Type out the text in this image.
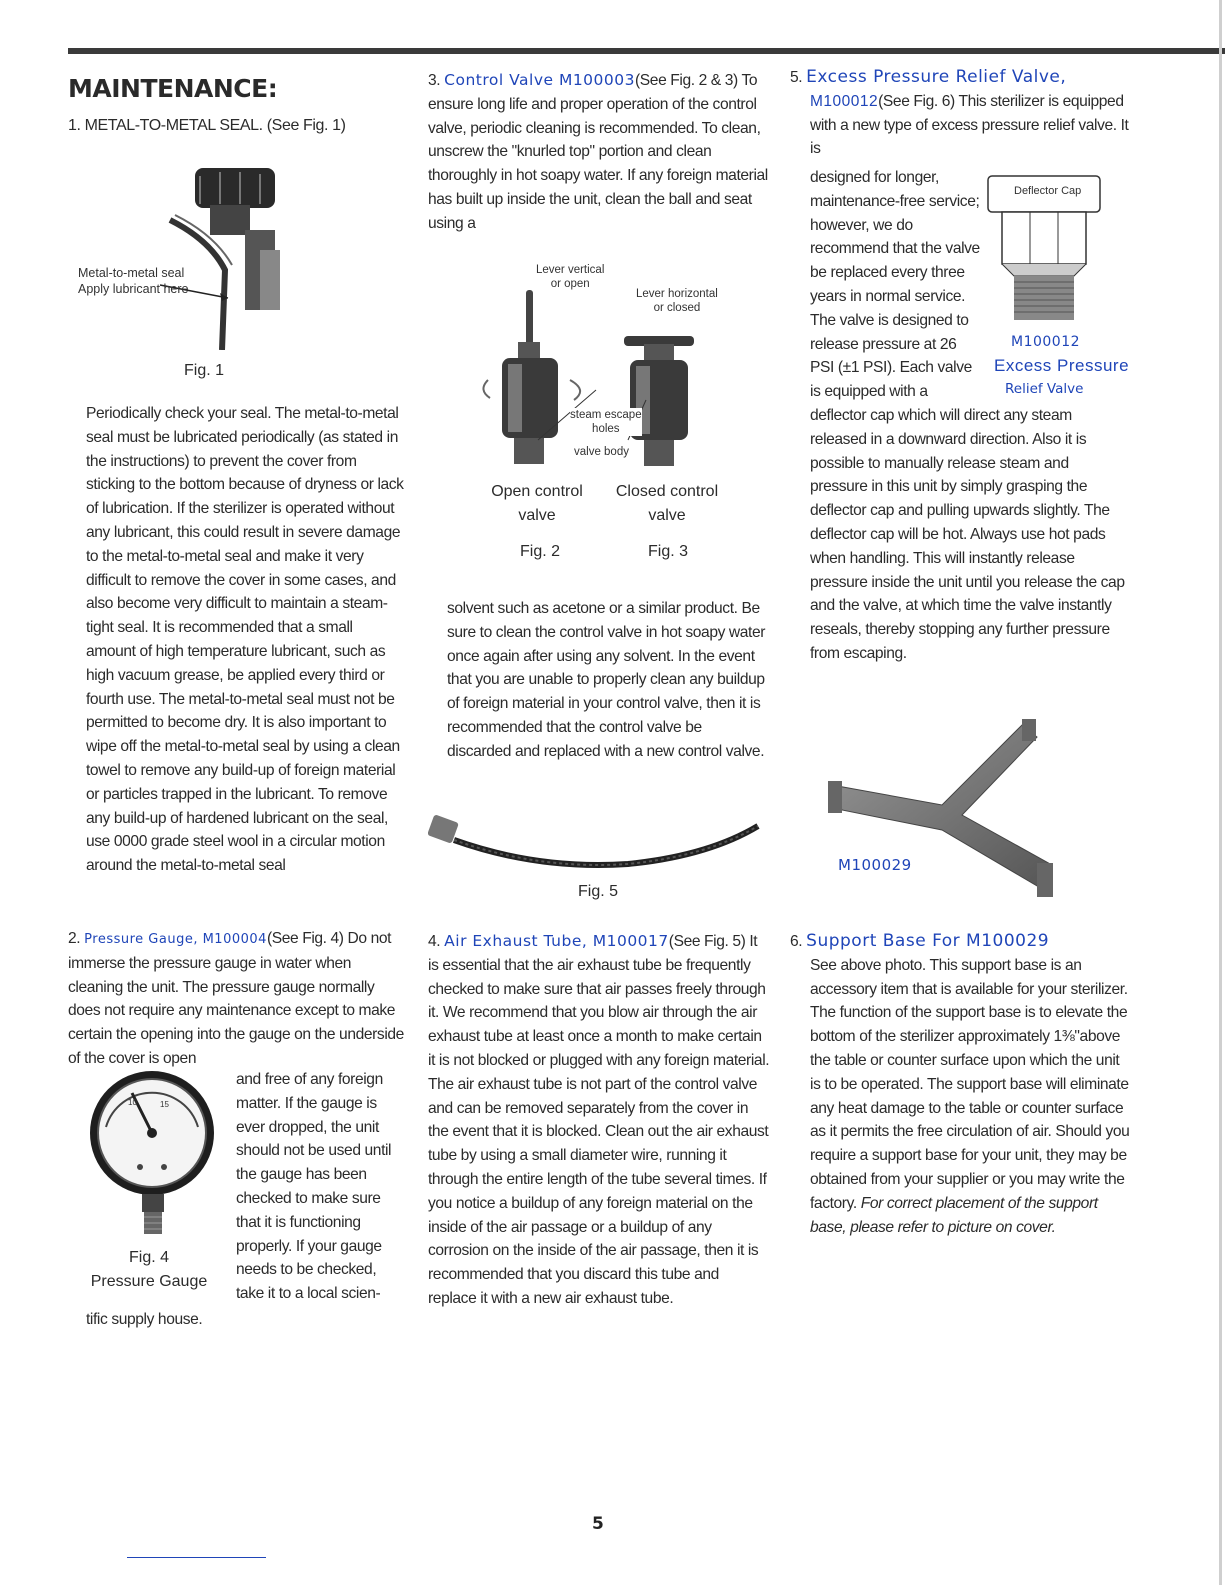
MAINTENANCE:
1. METAL-TO-METAL SEAL. (See Fig. 1)
Metal-to-metal seal
Apply lubricant here
Fig. 1
Periodically check your seal. The metal-to-metal seal must be lubricated periodically (as stated in the instructions) to prevent the cover from sticking to the bottom because of dryness or lack of lubrication. If the sterilizer is operated without any lubricant, this could result in severe damage to the metal-to-metal seal and make it very difficult to remove the cover in some cases, and also become very difficult to maintain a steam-tight seal. It is recommended that a small amount of high temperature lubricant, such as high vacuum grease, be applied every third or fourth use. The metal-to-metal seal must not be permitted to become dry. It is also important to wipe off the metal-to-metal seal by using a clean towel to remove any build-up of foreign material or particles trapped in the lubricant. To remove any build-up of hardened lubricant on the seal, use 0000 grade steel wool in a circular motion around the metal-to-metal seal

2. Pressure Gauge, M100004(See Fig. 4) Do not immerse the pressure gauge in water when cleaning the unit. The pressure gauge normally does not require any maintenance except to make certain the opening into the gauge on the underside of the cover is open

10	15
and free of any foreign matter. If the gauge is ever dropped, the unit should not be used until the gauge has been checked to make sure that it is functioning properly. If your gauge needs to be checked, take it to a local scien-
Fig. 4
Pressure Gauge
tific supply house.

3. Control Valve M100003(See Fig. 2 & 3) To ensure long life and proper operation of the control valve, periodic cleaning is recommended. To clean, unscrew the "knurled top" portion and clean thoroughly in hot soapy water. If any foreign material has built up inside the unit, clean the ball and seat using a

Lever vertical
or open
Lever horizontal
or closed
steam escape
holes
valve body
Open control
valve
Closed control
valve
Fig. 2	Fig. 3
solvent such as acetone or a similar product. Be sure to clean the control valve in hot soapy water once again after using any solvent. In the event that you are unable to properly clean any buildup of foreign material in your control valve, then it is recommended that the control valve be discarded and replaced with a new control valve.
Fig. 5

4. Air Exhaust Tube, M100017(See Fig. 5) It is essential that the air exhaust tube be frequently checked to make sure that air passes freely through it. We recommend that you blow air through the air exhaust tube at least once a month to make certain it is not blocked or plugged with any foreign material. The air exhaust tube is not part of the control valve and can be removed separately from the cover in the event that it is blocked. Clean out the air exhaust tube by using a small diameter wire, running it through the entire length of the tube several times. If you notice a buildup of any foreign material on the inside of the air passage or a buildup of any corrosion on the inside of the air passage, then it is recommended that you discard this tube and replace it with a new air exhaust tube.

5. Excess Pressure Relief Valve,

M100012(See Fig. 6) This sterilizer is equipped with a new type of excess pressure relief valve. It is

designed for longer, maintenance-free service; however, we do recommend that the valve be replaced every three years in normal service. The valve is designed to release pressure at 26 PSI (±1 PSI). Each valve is equipped with a
Deflector Cap
M100012
Excess Pressure
Relief Valve
deflector cap which will direct any steam released in a downward direction. Also it is possible to manually release steam and pressure in this unit by simply grasping the deflector cap and pulling upwards slightly. The deflector cap will be hot. Always use hot pads when handling. This will instantly release pressure inside the unit until you release the cap and the valve, at which time the valve instantly reseals, thereby stopping any further pressure from escaping.
M100029

6. Support Base For M100029

See above photo. This support base is an accessory item that is available for your sterilizer. The function of the support base is to elevate the bottom of the sterilizer approximately 1⅜"above the table or counter surface upon which the unit is to be operated. The support base will eliminate any heat damage to the table or counter surface as it permits the free circulation of air. Should you require a support base for your unit, they may be obtained from your supplier or you may write the factory. For correct placement of the support base, please refer to picture on cover.

5
